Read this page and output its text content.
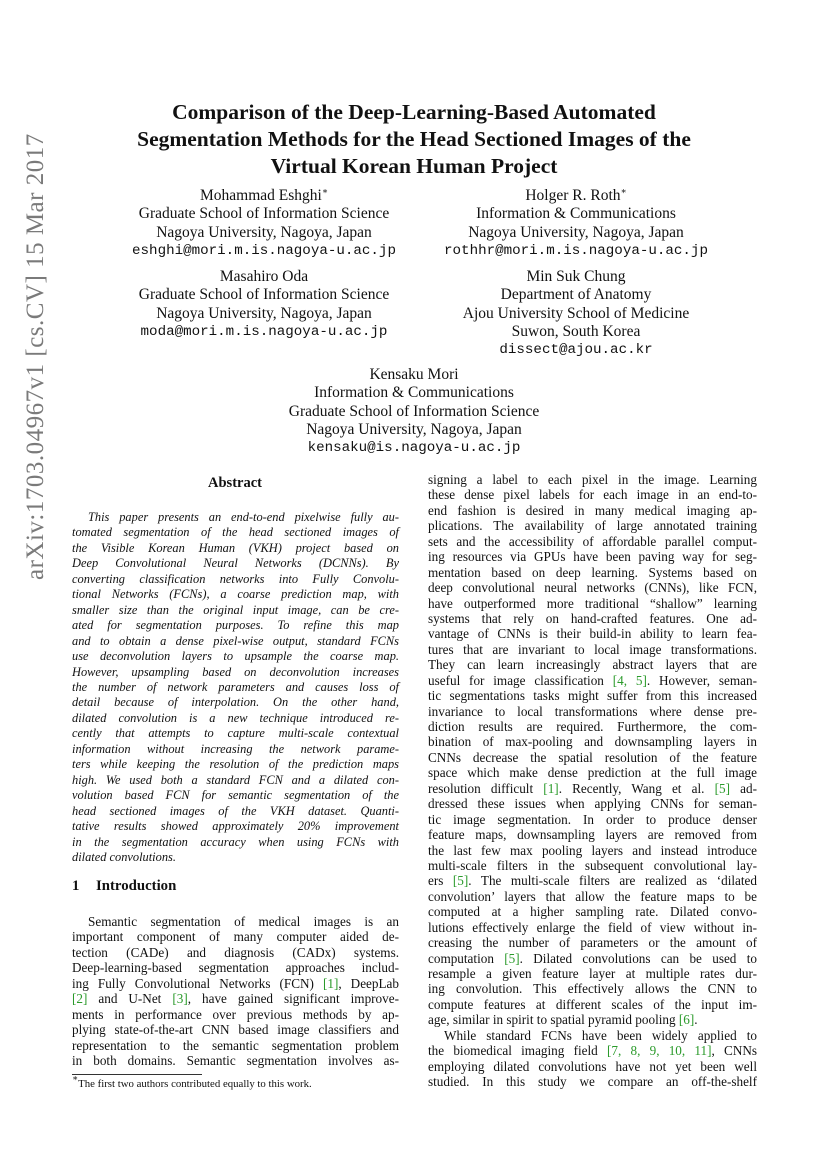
arXiv:1703.04967v1 [cs.CV] 15 Mar 2017
Comparison of the Deep-Learning-Based Automated
Segmentation Methods for the Head Sectioned Images of the
Virtual Korean Human Project
Mohammad Eshghi∗
Graduate School of Information Science
Nagoya University, Nagoya, Japan
eshghi@mori.m.is.nagoya-u.ac.jp
Holger R. Roth∗
Information & Communications
Nagoya University, Nagoya, Japan
rothhr@mori.m.is.nagoya-u.ac.jp
Masahiro Oda
Graduate School of Information Science
Nagoya University, Nagoya, Japan
moda@mori.m.is.nagoya-u.ac.jp
Min Suk Chung
Department of Anatomy
Ajou University School of Medicine
Suwon, South Korea
dissect@ajou.ac.kr
Kensaku Mori
Information & Communications
Graduate School of Information Science
Nagoya University, Nagoya, Japan
kensaku@is.nagoya-u.ac.jp
Abstract
This paper presents an end-to-end pixelwise fully au-
tomated segmentation of the head sectioned images of
the Visible Korean Human (VKH) project based on
Deep Convolutional Neural Networks (DCNNs). By
converting classification networks into Fully Convolu-
tional Networks (FCNs), a coarse prediction map, with
smaller size than the original input image, can be cre-
ated for segmentation purposes. To refine this map
and to obtain a dense pixel-wise output, standard FCNs
use deconvolution layers to upsample the coarse map.
However, upsampling based on deconvolution increases
the number of network parameters and causes loss of
detail because of interpolation. On the other hand,
dilated convolution is a new technique introduced re-
cently that attempts to capture multi-scale contextual
information without increasing the network parame-
ters while keeping the resolution of the prediction maps
high. We used both a standard FCN and a dilated con-
volution based FCN for semantic segmentation of the
head sectioned images of the VKH dataset. Quanti-
tative results showed approximately 20% improvement
in the segmentation accuracy when using FCNs with
dilated convolutions.
1 Introduction
Semantic segmentation of medical images is an
important component of many computer aided de-
tection (CADe) and diagnosis (CADx) systems.
Deep-learning-based segmentation approaches includ-
ing Fully Convolutional Networks (FCN) [1], DeepLab
[2] and U-Net [3], have gained significant improve-
ments in performance over previous methods by ap-
plying state-of-the-art CNN based image classifiers and
representation to the semantic segmentation problem
in both domains. Semantic segmentation involves as-
signing a label to each pixel in the image. Learning
these dense pixel labels for each image in an end-to-
end fashion is desired in many medical imaging ap-
plications. The availability of large annotated training
sets and the accessibility of affordable parallel comput-
ing resources via GPUs have been paving way for seg-
mentation based on deep learning. Systems based on
deep convolutional neural networks (CNNs), like FCN,
have outperformed more traditional “shallow” learning
systems that rely on hand-crafted features. One ad-
vantage of CNNs is their build-in ability to learn fea-
tures that are invariant to local image transformations.
They can learn increasingly abstract layers that are
useful for image classification [4, 5]. However, seman-
tic segmentations tasks might suffer from this increased
invariance to local transformations where dense pre-
diction results are required. Furthermore, the com-
bination of max-pooling and downsampling layers in
CNNs decrease the spatial resolution of the feature
space which make dense prediction at the full image
resolution difficult [1]. Recently, Wang et al. [5] ad-
dressed these issues when applying CNNs for seman-
tic image segmentation. In order to produce denser
feature maps, downsampling layers are removed from
the last few max pooling layers and instead introduce
multi-scale filters in the subsequent convolutional lay-
ers [5]. The multi-scale filters are realized as ‘dilated
convolution’ layers that allow the feature maps to be
computed at a higher sampling rate. Dilated convo-
lutions effectively enlarge the field of view without in-
creasing the number of parameters or the amount of
computation [5]. Dilated convolutions can be used to
resample a given feature layer at multiple rates dur-
ing convolution. This effectively allows the CNN to
compute features at different scales of the input im-
age, similar in spirit to spatial pyramid pooling [6].
While standard FCNs have been widely applied to
the biomedical imaging field [7, 8, 9, 10, 11], CNNs
employing dilated convolutions have not yet been well
studied. In this study we compare an off-the-shelf
∗The first two authors contributed equally to this work.
